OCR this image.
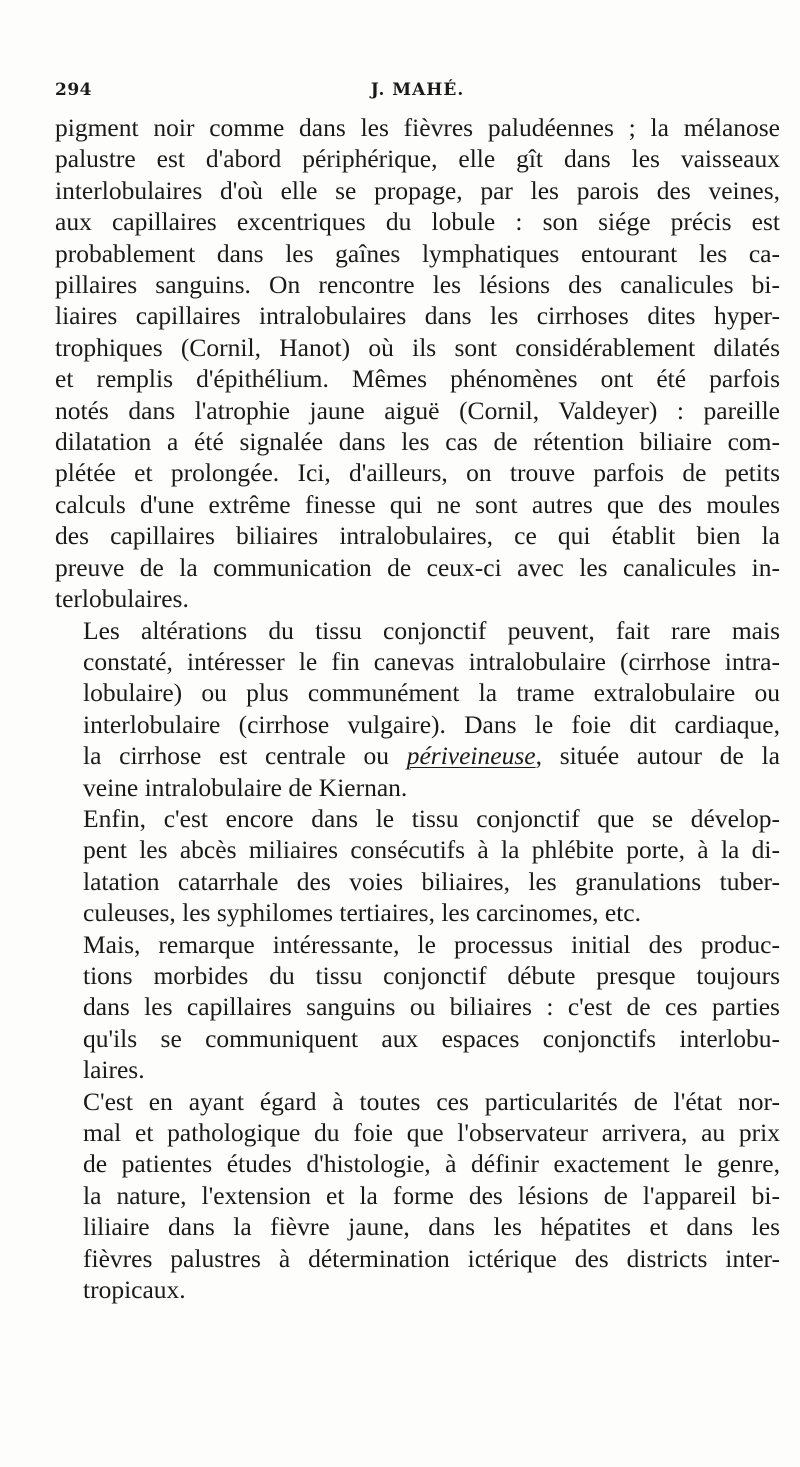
294	J. MAHÉ.

pigment noir comme dans les fièvres paludéennes ; la mélanose
palustre est d'abord périphérique, elle gît dans les vaisseaux
interlobulaires d'où elle se propage, par les parois des veines,
aux capillaires excentriques du lobule : son siége précis est
probablement dans les gaînes lymphatiques entourant les ca-
pillaires sanguins. On rencontre les lésions des canalicules bi-
liaires capillaires intralobulaires dans les cirrhoses dites hyper-
trophiques (Cornil, Hanot) où ils sont considérablement dilatés
et remplis d'épithélium. Mêmes phénomènes ont été parfois
notés dans l'atrophie jaune aiguë (Cornil, Valdeyer) : pareille
dilatation a été signalée dans les cas de rétention biliaire com-
plétée et prolongée. Ici, d'ailleurs, on trouve parfois de petits
calculs d'une extrême finesse qui ne sont autres que des moules
des capillaires biliaires intralobulaires, ce qui établit bien la
preuve de la communication de ceux-ci avec les canalicules in-
terlobulaires.

Les altérations du tissu conjonctif peuvent, fait rare mais
constaté, intéresser le fin canevas intralobulaire (cirrhose intra-
lobulaire) ou plus communément la trame extralobulaire ou
interlobulaire (cirrhose vulgaire). Dans le foie dit cardiaque,
la cirrhose est centrale ou périveineuse, située autour de la
veine intralobulaire de Kiernan.

Enfin, c'est encore dans le tissu conjonctif que se dévelop-
pent les abcès miliaires consécutifs à la phlébite porte, à la di-
latation catarrhale des voies biliaires, les granulations tuber-
culeuses, les syphilomes tertiaires, les carcinomes, etc.

Mais, remarque intéressante, le processus initial des produc-
tions morbides du tissu conjonctif débute presque toujours
dans les capillaires sanguins ou biliaires : c'est de ces parties
qu'ils se communiquent aux espaces conjonctifs interlobu-
laires.

C'est en ayant égard à toutes ces particularités de l'état nor-
mal et pathologique du foie que l'observateur arrivera, au prix
de patientes études d'histologie, à définir exactement le genre,
la nature, l'extension et la forme des lésions de l'appareil bi-
liliaire dans la fièvre jaune, dans les hépatites et dans les
fièvres palustres à détermination ictérique des districts inter-
tropicaux.
